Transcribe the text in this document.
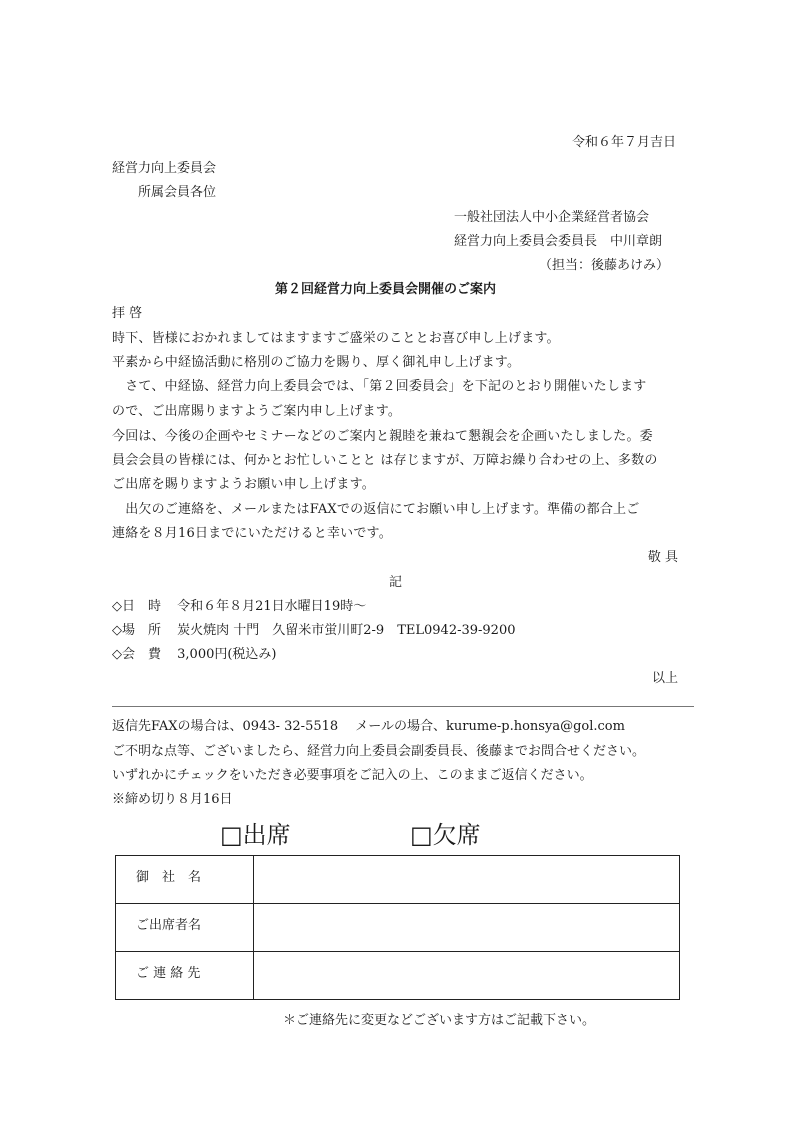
令和６年７月吉日
経営力向上委員会
所属会員各位
一般社団法人中小企業経営者協会
経営力向上委員会委員長　中川章朗
（担当：後藤あけみ）
第２回経営力向上委員会開催のご案内
拝 啓
時下、皆様におかれましてはますますご盛栄のこととお喜び申し上げます。
平素から中経協活動に格別のご協力を賜り、厚く御礼申し上げます。
　さて、中経協、経営力向上委員会では、「第２回委員会」を下記のとおり開催いたします
ので、ご出席賜りますようご案内申し上げます。
今回は、今後の企画やセミナーなどのご案内と親睦を兼ねて懇親会を企画いたしました。委
員会会員の皆様には、何かとお忙しいことと は存じますが、万障お繰り合わせの上、多数の
ご出席を賜りますようお願い申し上げます。
　出欠のご連絡を、メールまたはFAXでの返信にてお願い申し上げます。準備の都合上ご
連絡を８月16日までにいただけると幸いです。
敬 具
記
◇日　時 令和６年８月21日水曜日19時～
◇場　所 炭火焼肉 十門　久留米市蛍川町2-9　TEL0942-39-9200
◇会　費 3,000円(税込み)
以上
返信先FAXの場合は、0943- 32-5518　 メールの場合、kurume-p.honsya@gol.com
ご不明な点等、ございましたら、経営力向上委員会副委員長、後藤までお問合せください。
いずれかにチェックをいただき必要事項をご記入の上、このままご返信ください。
※締め切り８月16日
□出席	□欠席
御　社　名	
ご出席者名	
ご 連 絡 先	
＊ご連絡先に変更などございます方はご記載下さい。
